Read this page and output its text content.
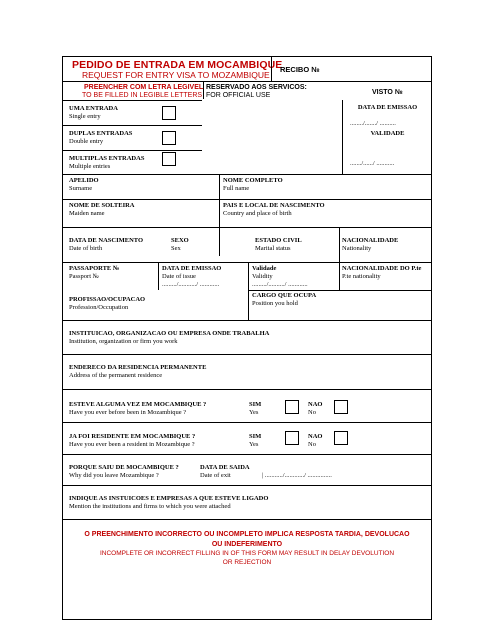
PEDIDO DE ENTRADA EM MOCAMBIQUE
REQUEST FOR ENTRY VISA TO MOZAMBIQUE
RECIBO №
PREENCHER COM LETRA LEGIVEL
TO BE FILLED IN LEGIBLE LETTERS
RESERVADO AOS SERVICOS:
FOR OFFICIAL USE	VISTO №
UMA ENTRADA
Single entry
DUPLAS ENTRADAS
Double entry
MULTIPLAS ENTRADAS
Multiple entries
DATA DE EMISSAO
......../......./ ..........
VALIDADE
......./....../ ...........
APELIDO
Surname
NOME COMPLETO
Full name
NOME DE SOLTEIRA
Maiden name
PAIS E LOCAL DE NASCIMENTO
Country and place of birth
DATA DE NASCIMENTO
Date of birth
SEXO
Sex
ESTADO CIVIL
Marital status
NACIONALIDADE
Nationality
PASSAPORTE №
Passport №
DATA DE EMISSAO
Date of issue
........./.........../ ............
Validade
Validity
........./........../ ............
NACIONALIDADE DO P.te
P.te nationality
PROFISSAO/OCUPACAO
Profession/Occupation
CARGO QUE OCUPA
Position you hold
INSTITUICAO, ORGANIZACAO OU EMPRESA ONDE TRABALHA
Institution, organization or firm you work
ENDERECO DA RESIDENCIA PERMANENTE
Address of the permanent residence
ESTEVE ALGUMA VEZ EM MOCAMBIQUE ?
Have you ever before been in Mozambique ?
SIM
Yes
NAO
No
JA FOI RESIDENTE EM MOCAMBIQUE ?
Have you ever been a resident in Mozambique ?
SIM
Yes
NAO
No
PORQUE SAIU DE MOCAMBIQUE ?
Why did you leave Mozambique ?
DATA DE SAIDA
Date of exit	| .........../............/ ...............
INDIQUE AS INSTUICOES E EMPRESAS A QUE ESTEVE LIGADO
Mention the institutions and firms to which you were attached
O PREENCHIMENTO INCORRECTO OU INCOMPLETO IMPLICA RESPOSTA TARDIA, DEVOLUCAO
OU INDEFERIMENTO
INCOMPLETE OR INCORRECT FILLING IN OF THIS FORM MAY RESULT IN DELAY DEVOLUTION
OR REJECTION
